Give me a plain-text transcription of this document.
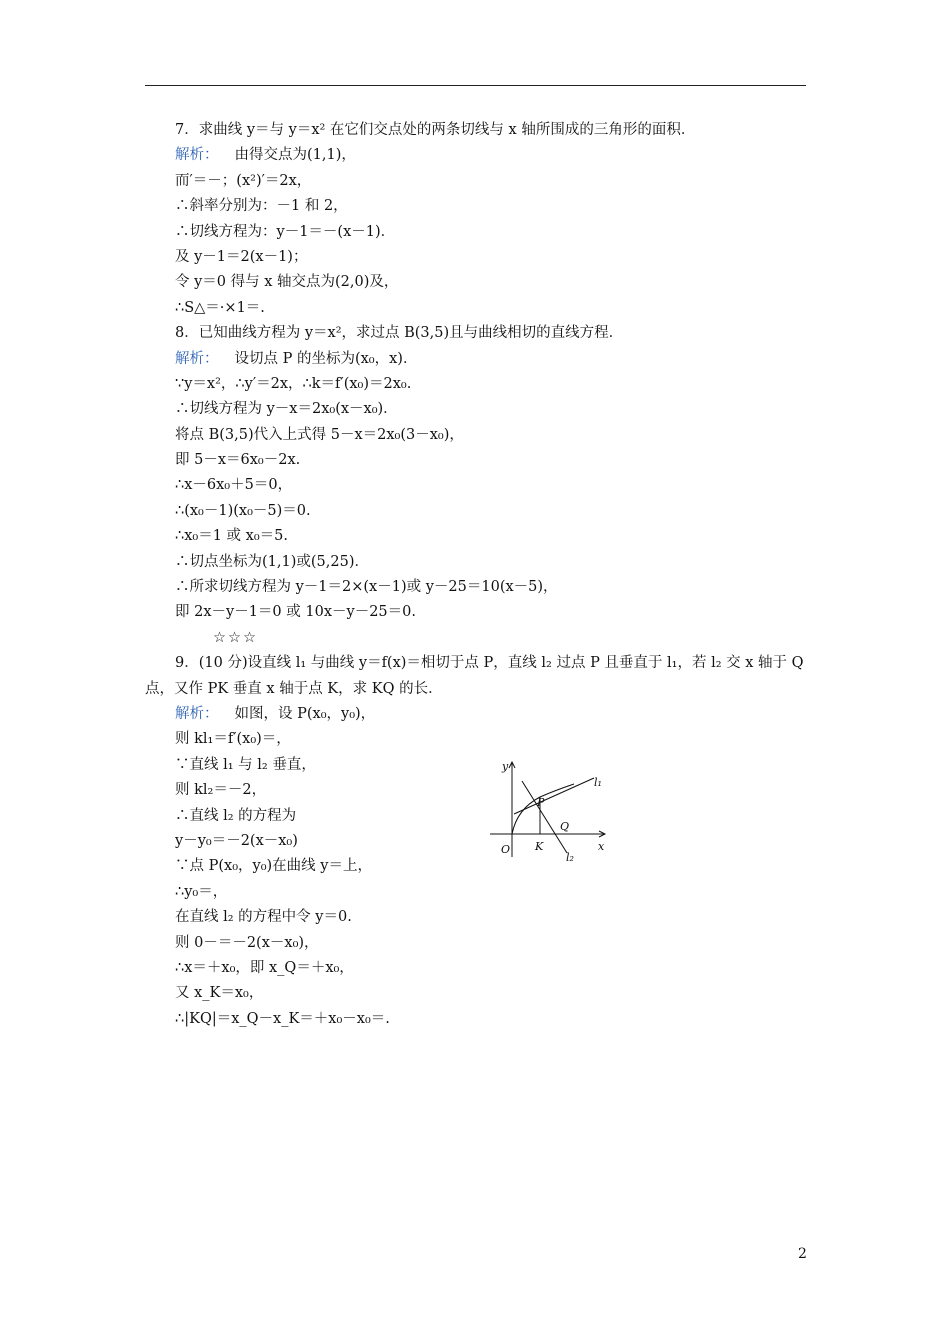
7．求曲线 y＝与 y＝x² 在它们交点处的两条切线与 x 轴所围成的三角形的面积．
解析： 由得交点为(1,1)，
而′＝－；(x²)′＝2x，
∴斜率分别为：－1 和 2，
∴切线方程为：y－1＝－(x－1)．
及 y－1＝2(x－1)；
令 y＝0 得与 x 轴交点为(2,0)及，
∴S△＝·×1＝.
8．已知曲线方程为 y＝x²，求过点 B(3,5)且与曲线相切的直线方程．
解析： 设切点 P 的坐标为(x₀，x)．
∵y＝x²，∴y′＝2x，∴k＝f′(x₀)＝2x₀.
∴切线方程为 y－x＝2x₀(x－x₀)．
将点 B(3,5)代入上式得 5－x＝2x₀(3－x₀)，
即 5－x＝6x₀－2x.
∴x－6x₀＋5＝0，
∴(x₀－1)(x₀－5)＝0.
∴x₀＝1 或 x₀＝5.
∴切点坐标为(1,1)或(5,25)．
∴所求切线方程为 y－1＝2×(x－1)或 y－25＝10(x－5)，
即 2x－y－1＝0 或 10x－y－25＝0.
☆☆☆
9．(10 分)设直线 l₁ 与曲线 y＝f(x)＝相切于点 P，直线 l₂ 过点 P 且垂直于 l₁，若 l₂ 交 x 轴于 Q 点，又作 PK 垂直 x 轴于点 K，求 KQ 的长．
解析： 如图，设 P(x₀，y₀)，
则 kl₁＝f′(x₀)＝，
∵直线 l₁ 与 l₂ 垂直，
则 kl₂＝－2，
∴直线 l₂ 的方程为
y－y₀＝－2(x－x₀)
∵点 P(x₀，y₀)在曲线 y＝上，
∴y₀＝，
在直线 l₂ 的方程中令 y＝0.
则 0－＝－2(x－x₀)，
∴x＝＋x₀，即 x_Q＝＋x₀，
又 x_K＝x₀，
∴|KQ|＝x_Q－x_K＝＋x₀－x₀＝.
y
x
O K
Q
P
l₁
l₂
2
